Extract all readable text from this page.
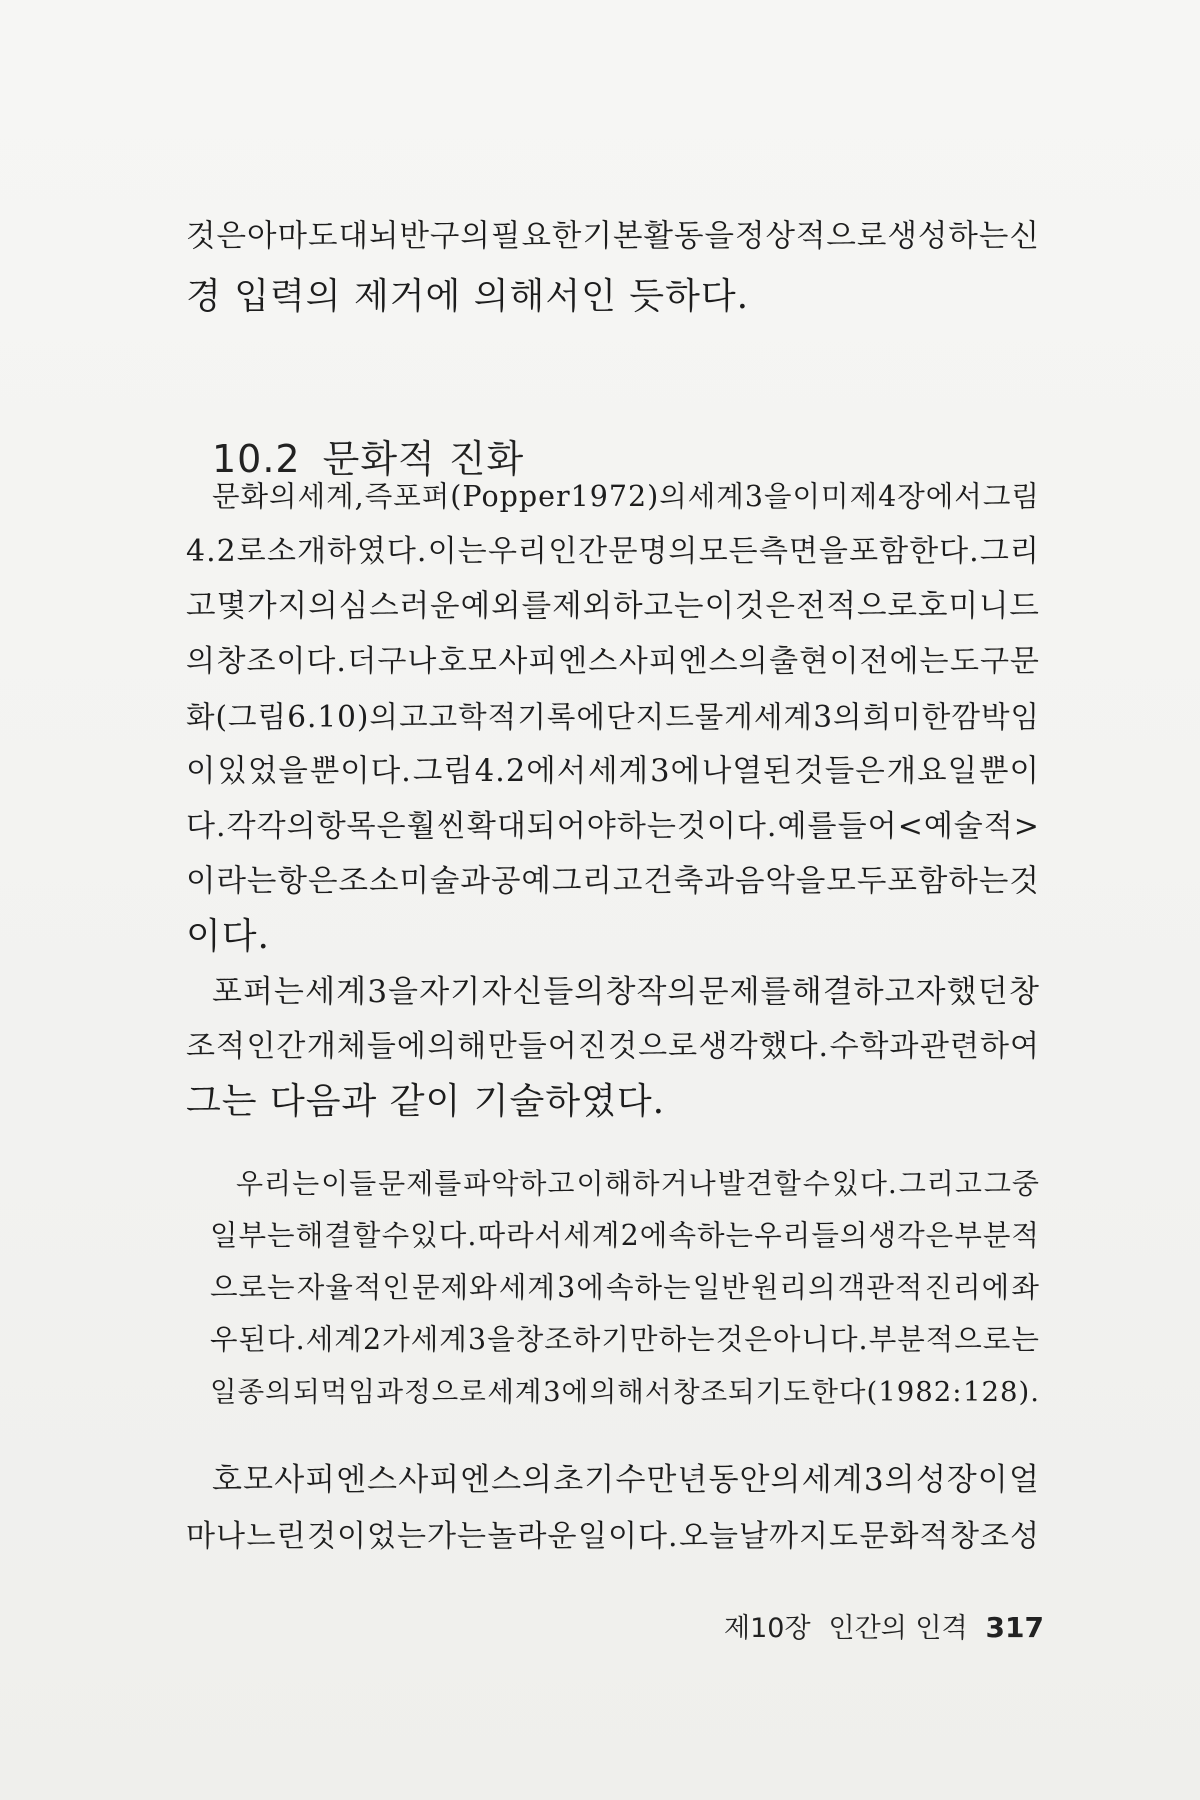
것은 아마도 대뇌반구의 필요한 기본 활동을 정상적으로 생성하는 신
경 입력의 제거에 의해서인 듯하다.
10.2 문화적 진화
문화의 세계, 즉 포퍼(Popper 1972)의 세계 3을 이미 제4장에서 그림
4.2로 소개하였다. 이는 우리 인간 문명의 모든 측면을 포함한다. 그리
고 몇 가지 의심스러운 예외를 제외하고는 이것은 전적으로 호미니드
의 창조이다. 더구나 호모 사피엔스 사피엔스의 출현 이전에는 도구문
화(그림 6.10)의 고고학적 기록에 단지 드물게 세계 3의 희미한 깜박임
이 있었을 뿐이다. 그림 4.2에서 세계 3에 나열된 것들은 개요일 뿐이
다. 각각의 항목은 훨씬 확대되어야 하는 것이다. 예를 들어 <예술적>
이라는 항은 조소미술과 공예 그리고 건축과 음악을 모두 포함하는 것
이다.
포퍼는 세계 3을 자기 자신들의 창작의 문제를 해결하고자 했던 창
조적 인간 개체들에 의해 만들어진 것으로 생각했다. 수학과 관련하여
그는 다음과 같이 기술하였다.
우리는 이들 문제를 파악하고 이해하거나 발견할 수 있다. 그리고 그중
일부는 해결할 수 있다. 따라서 세계 2에 속하는 우리들의 생각은 부분적
으로는 자율적인 문제와 세계 3에 속하는 일반 원리의 객관적 진리에 좌
우된다. 세계 2가 세계 3을 창조하기만 하는 것은 아니다. 부분적으로는
일종의 되먹임 과정으로 세계 3에 의해서 창조되기도 한다(1982: 128).
호모 사피엔스 사피엔스의 초기 수만년 동안의 세계 3의 성장이 얼
마나 느린 것이었는가는 놀라운 일이다. 오늘날까지도 문화적 창조성
제10장 인간의 인격 317
